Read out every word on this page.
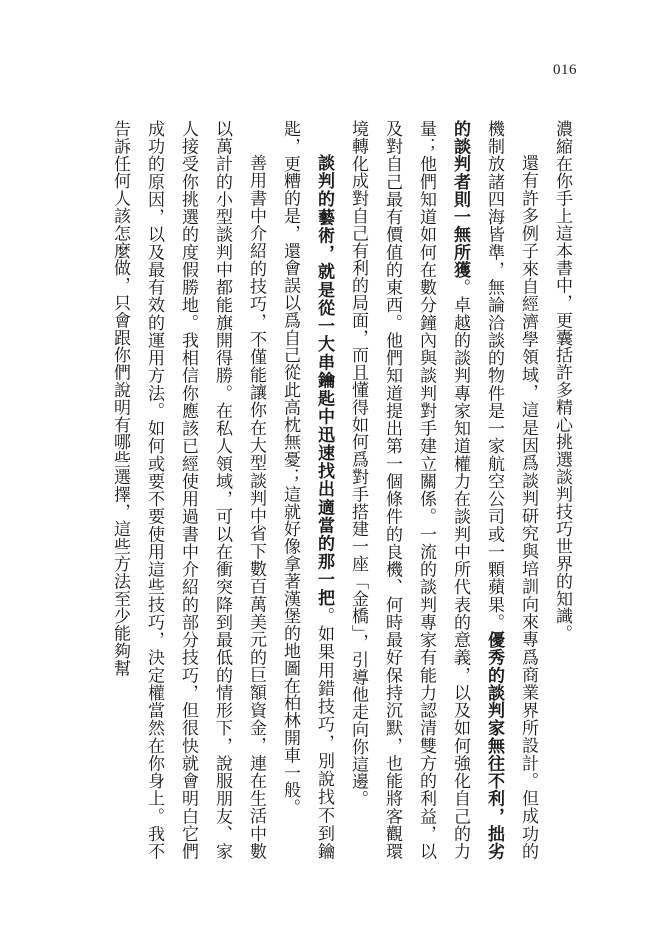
016

濃縮在你手上這本書中，更囊括許多精心挑選談判技巧世界的知識。

還有許多例子來自經濟學領域，這是因爲談判研究與培訓向來專爲商業界所設計。但成功的機制放諸四海皆準，無論洽談的物件是一家航空公司或一顆蘋果。優秀的談判家無往不利，拙劣的談判者則一無所獲。卓越的談判專家知道權力在談判中所代表的意義，以及如何強化自己的力量；他們知道如何在數分鐘內與談判對手建立關係。一流的談判專家有能力認清雙方的利益，以及對自己最有價值的東西。他們知道提出第一個條件的良機、何時最好保持沉默，也能將客觀環境轉化成對自己有利的局面，而且懂得如何爲對手搭建一座「金橋」，引導他走向你這邊。

談判的藝術，就是從一大串鑰匙中迅速找出適當的那一把。如果用錯技巧，別說找不到鑰匙，更糟的是，還會誤以爲自己從此高枕無憂；這就好像拿著漢堡的地圖在柏林開車一般。

善用書中介紹的技巧，不僅能讓你在大型談判中省下數百萬美元的巨額資金，連在生活中數以萬計的小型談判中都能旗開得勝。在私人領域，可以在衝突降到最低的情形下，說服朋友、家人接受你挑選的度假勝地。我相信你應該已經使用過書中介紹的部分技巧，但很快就會明白它們成功的原因，以及最有效的運用方法。如何或要不要使用這些技巧，決定權當然在你身上。我不告訴任何人該怎麼做，只會跟你們說明有哪些選擇，這些方法至少能夠幫
